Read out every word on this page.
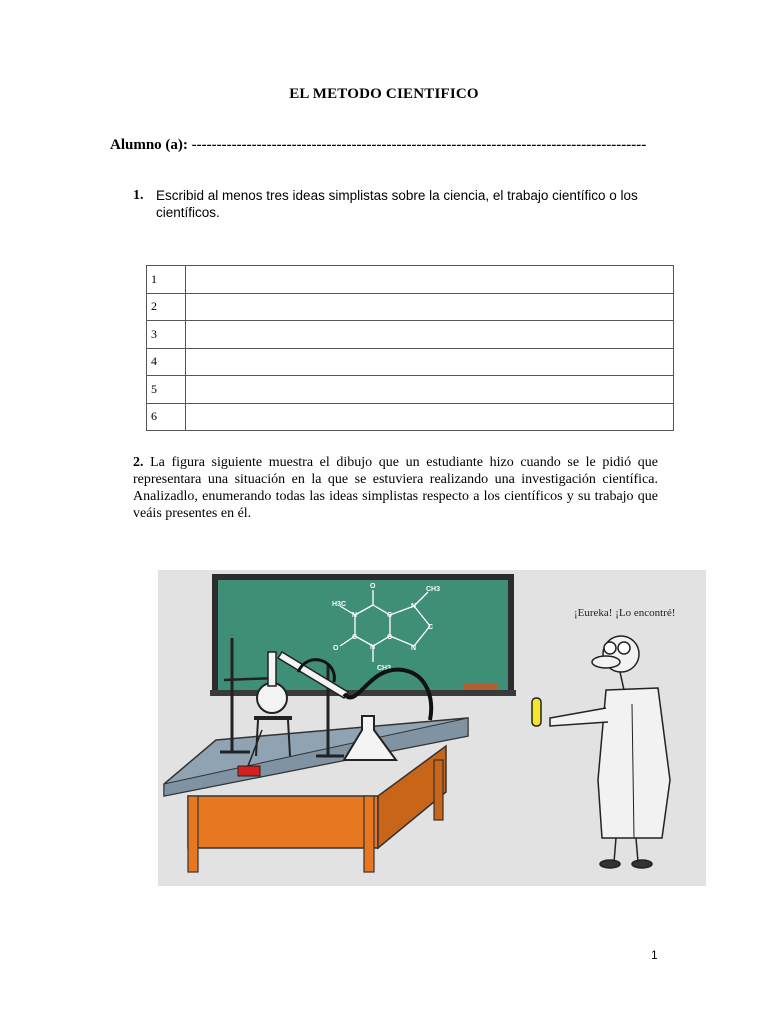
EL METODO CIENTIFICO
Alumno (a): -------------------------------------------------------------------------------------------
1. Escribid al menos tres ideas simplistas sobre la ciencia, el trabajo científico o los científicos.
1	
2	
3	
4	
5	
6	
2. La figura siguiente muestra el dibujo que un estudiante hizo cuando se le pidió que representara una situación en la que se estuviera realizando una investigación científica. Analizadlo, enumerando todas las ideas simplistas respecto a los científicos y su trabajo que veáis presentes en él.
O
O
H3C
N	C
C
N
CH3
C
C
N
N
CH3
¡Eureka! ¡Lo encontré!
1
